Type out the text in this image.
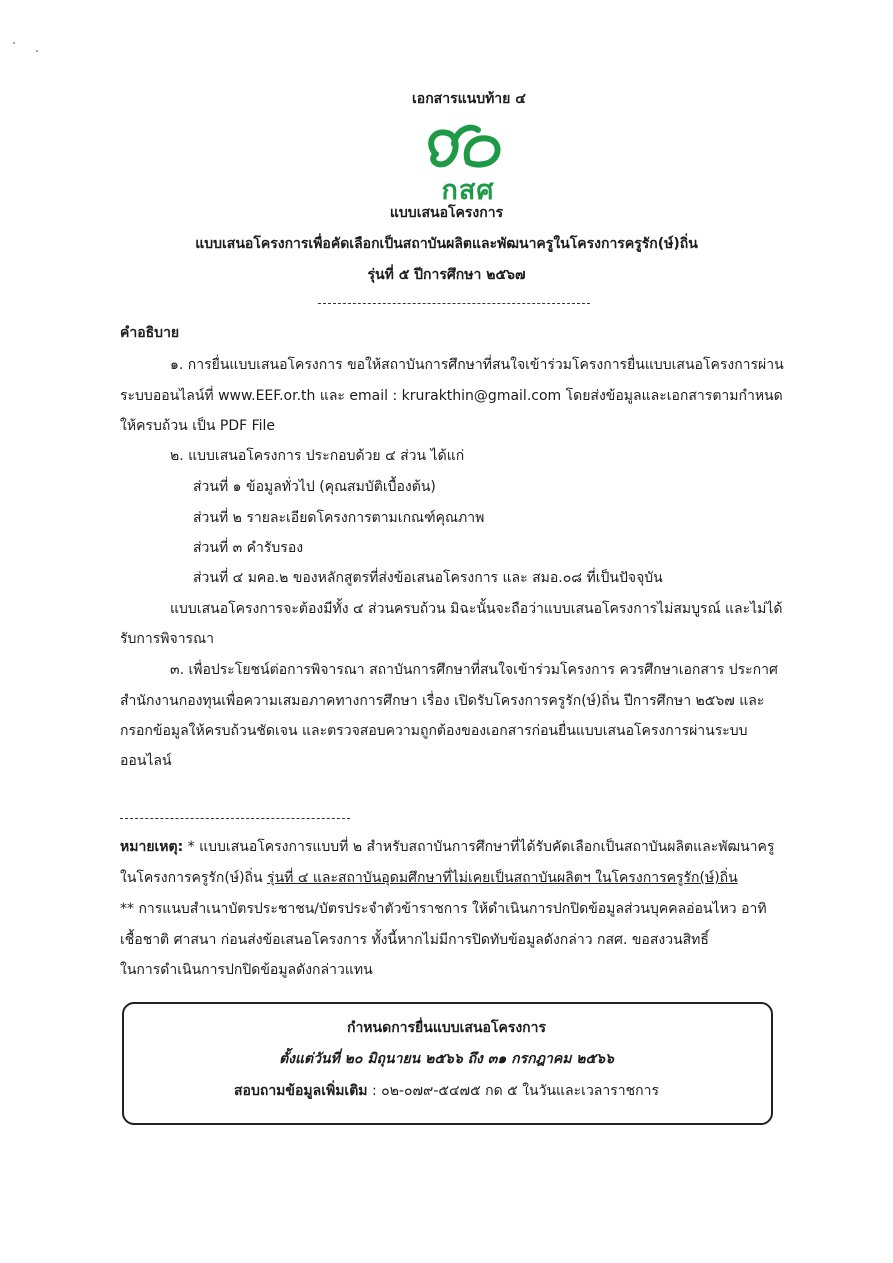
เอกสารแนบท้าย ๔
กสศ
แบบเสนอโครงการ
แบบเสนอโครงการเพื่อคัดเลือกเป็นสถาบันผลิตและพัฒนาครูในโครงการครูรัก(ษ์)ถิ่น
รุ่นที่ ๕ ปีการศึกษา ๒๕๖๗
คำอธิบาย
๑. การยื่นแบบเสนอโครงการ ขอให้สถาบันการศึกษาที่สนใจเข้าร่วมโครงการยื่นแบบเสนอโครงการผ่าน
ระบบออนไลน์ที่ www.EEF.or.th และ email : krurakthin@gmail.com โดยส่งข้อมูลและเอกสารตามกำหนด
ให้ครบถ้วน เป็น PDF File
๒. แบบเสนอโครงการ ประกอบด้วย ๔ ส่วน ได้แก่
ส่วนที่ ๑ ข้อมูลทั่วไป (คุณสมบัติเบื้องต้น)
ส่วนที่ ๒ รายละเอียดโครงการตามเกณฑ์คุณภาพ
ส่วนที่ ๓ คำรับรอง
ส่วนที่ ๔ มคอ.๒ ของหลักสูตรที่ส่งข้อเสนอโครงการ และ สมอ.๐๘ ที่เป็นปัจจุบัน
แบบเสนอโครงการจะต้องมีทั้ง ๔ ส่วนครบถ้วน มิฉะนั้นจะถือว่าแบบเสนอโครงการไม่สมบูรณ์ และไม่ได้
รับการพิจารณา
๓. เพื่อประโยชน์ต่อการพิจารณา สถาบันการศึกษาที่สนใจเข้าร่วมโครงการ ควรศึกษาเอกสาร ประกาศ
สำนักงานกองทุนเพื่อความเสมอภาคทางการศึกษา เรื่อง เปิดรับโครงการครูรัก(ษ์)ถิ่น ปีการศึกษา ๒๕๖๗ และ
กรอกข้อมูลให้ครบถ้วนชัดเจน และตรวจสอบความถูกต้องของเอกสารก่อนยื่นแบบเสนอโครงการผ่านระบบ
ออนไลน์
หมายเหตุ: * แบบเสนอโครงการแบบที่ ๒ สำหรับสถาบันการศึกษาที่ได้รับคัดเลือกเป็นสถาบันผลิตและพัฒนาครู
ในโครงการครูรัก(ษ์)ถิ่น รุ่นที่ ๔ และสถาบันอุดมศึกษาที่ไม่เคยเป็นสถาบันผลิตฯ ในโครงการครูรัก(ษ์)ถิ่น
** การแนบสำเนาบัตรประชาชน/บัตรประจำตัวข้าราชการ ให้ดำเนินการปกปิดข้อมูลส่วนบุคคลอ่อนไหว อาทิ
เชื้อชาติ ศาสนา ก่อนส่งข้อเสนอโครงการ ทั้งนี้หากไม่มีการปิดทับข้อมูลดังกล่าว กสศ. ขอสงวนสิทธิ์
ในการดำเนินการปกปิดข้อมูลดังกล่าวแทน
กำหนดการยื่นแบบเสนอโครงการ
ตั้งแต่วันที่ ๒๐ มิถุนายน ๒๕๖๖ ถึง ๓๑ กรกฎาคม ๒๕๖๖
สอบถามข้อมูลเพิ่มเติม : ๐๒-๐๗๙-๕๔๗๕ กด ๕ ในวันและเวลาราชการ
